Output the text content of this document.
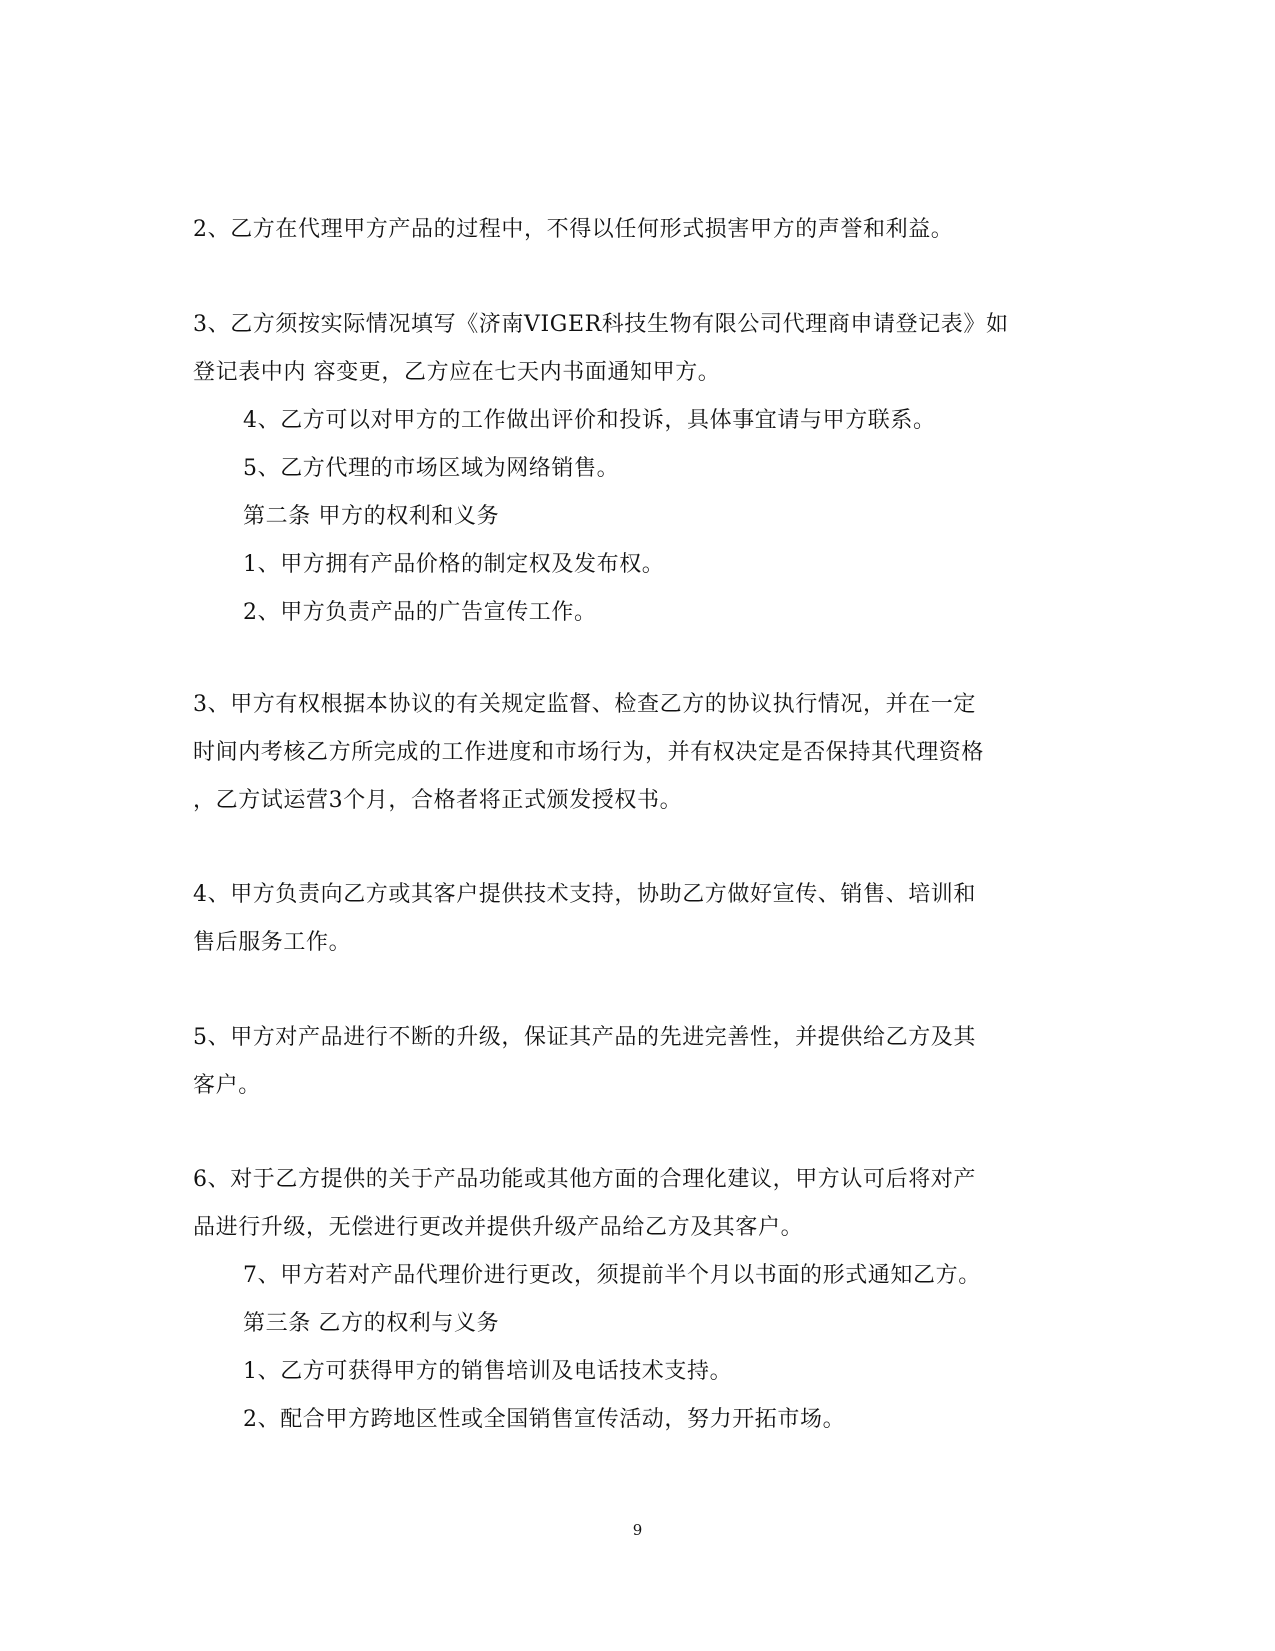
2、乙方在代理甲方产品的过程中，不得以任何形式损害甲方的声誉和利益。
3、乙方须按实际情况填写《济南VIGER科技生物有限公司代理商申请登记表》如
登记表中内 容变更，乙方应在七天内书面通知甲方。
4、乙方可以对甲方的工作做出评价和投诉，具体事宜请与甲方联系。
5、乙方代理的市场区域为网络销售。
第二条 甲方的权利和义务
1、甲方拥有产品价格的制定权及发布权。
2、甲方负责产品的广告宣传工作。
3、甲方有权根据本协议的有关规定监督、检查乙方的协议执行情况，并在一定
时间内考核乙方所完成的工作进度和市场行为，并有权决定是否保持其代理资格
，乙方试运营3个月，合格者将正式颁发授权书。
4、甲方负责向乙方或其客户提供技术支持，协助乙方做好宣传、销售、培训和
售后服务工作。
5、甲方对产品进行不断的升级，保证其产品的先进完善性，并提供给乙方及其
客户。
6、对于乙方提供的关于产品功能或其他方面的合理化建议，甲方认可后将对产
品进行升级，无偿进行更改并提供升级产品给乙方及其客户。
7、甲方若对产品代理价进行更改，须提前半个月以书面的形式通知乙方。
第三条 乙方的权利与义务
1、乙方可获得甲方的销售培训及电话技术支持。
2、配合甲方跨地区性或全国销售宣传活动，努力开拓市场。
9
